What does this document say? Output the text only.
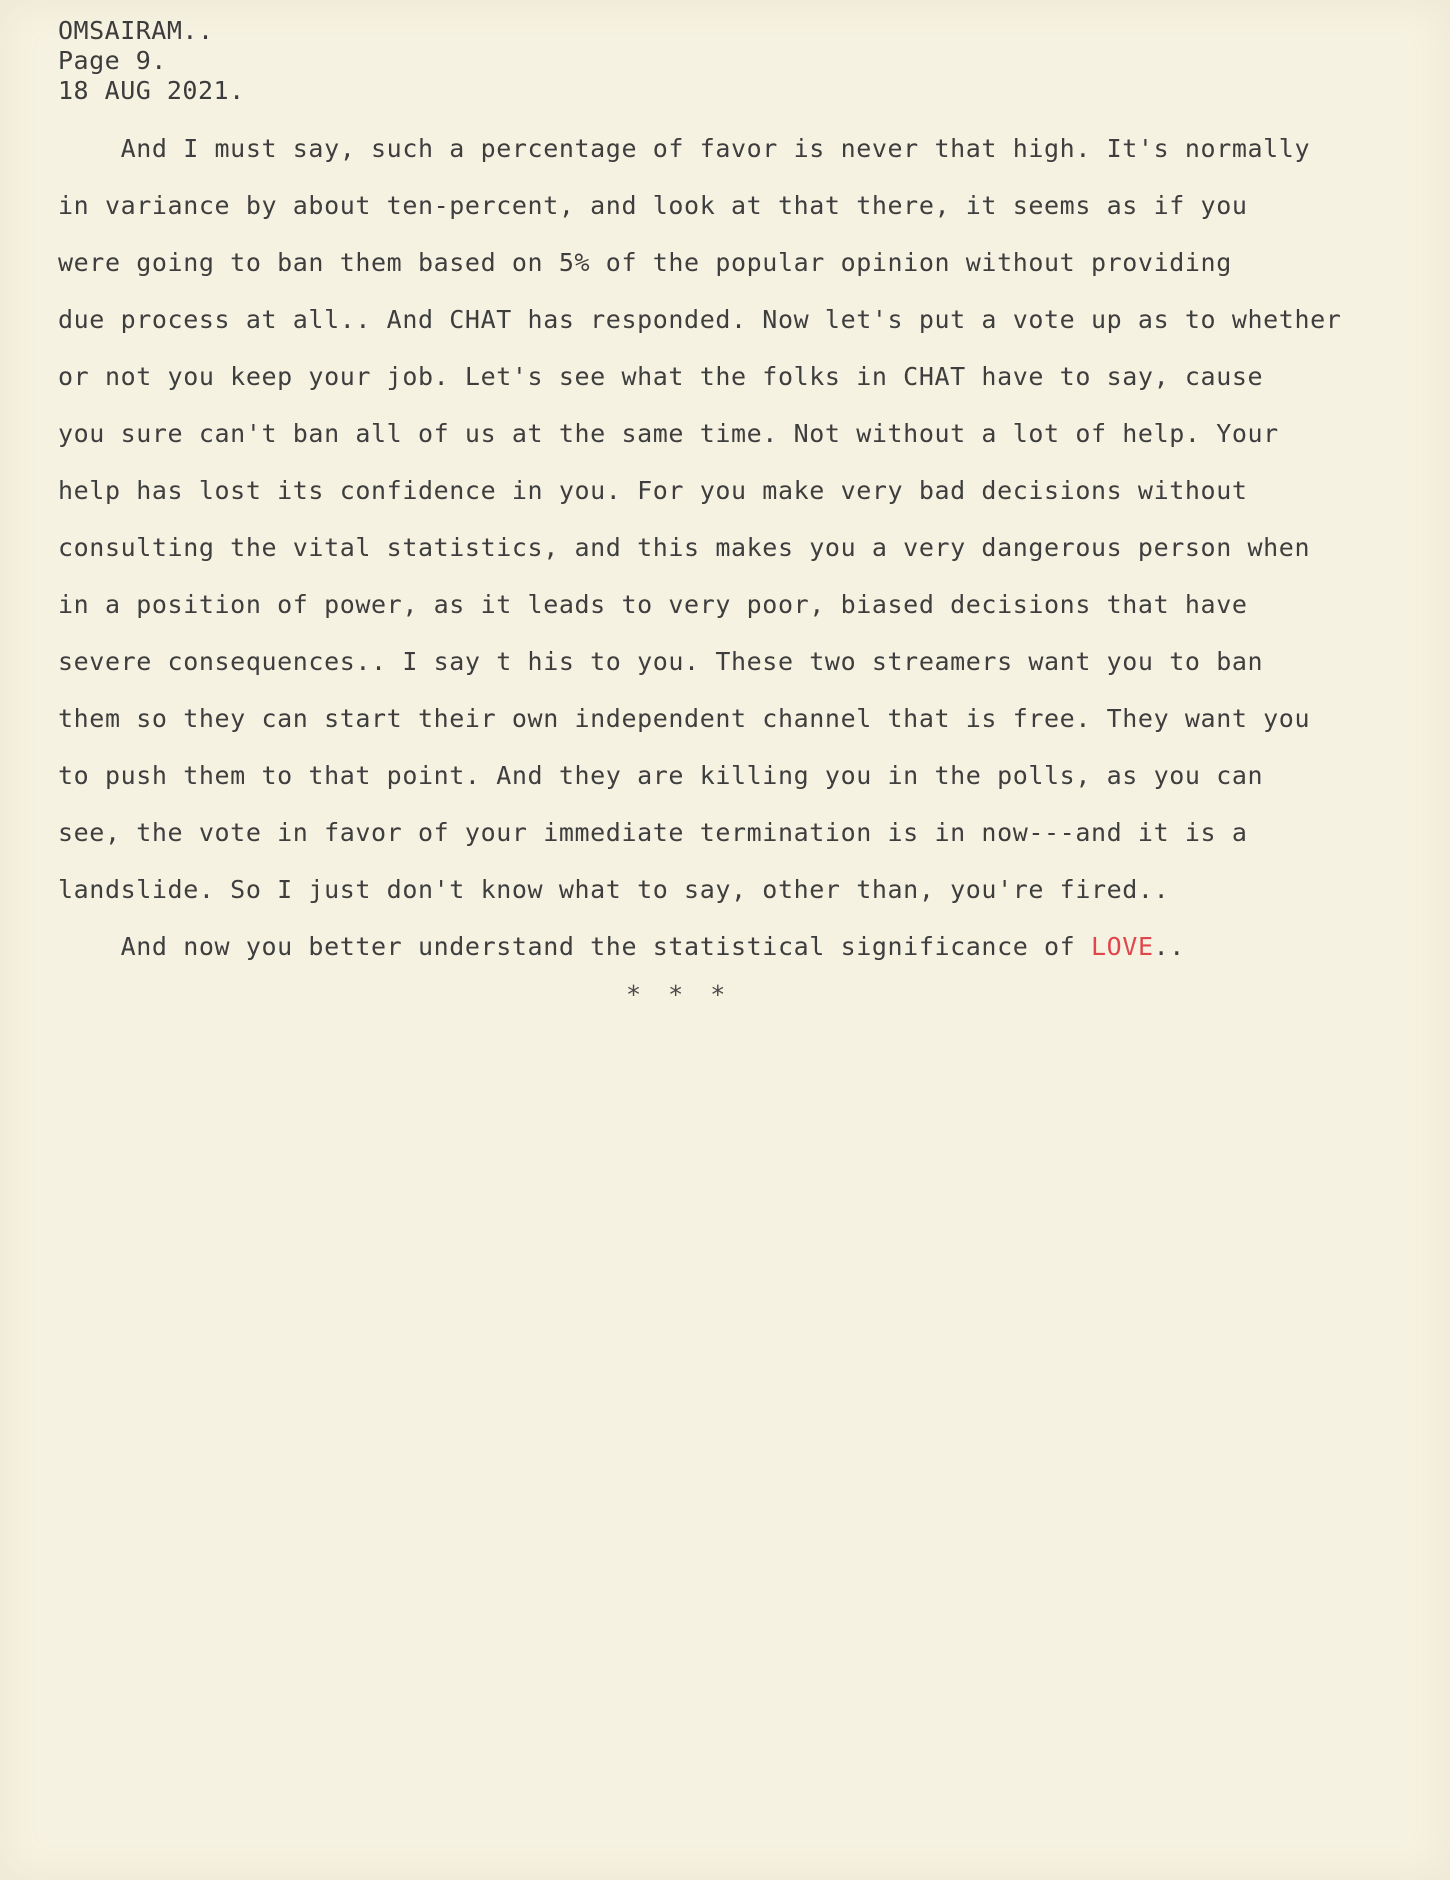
OMSAIRAM..
Page 9.
18 AUG 2021.
And I must say, such a percentage of favor is never that high. It's normally
in variance by about ten-percent, and look at that there, it seems as if you
were going to ban them based on 5% of the popular opinion without providing
due process at all.. And CHAT has responded. Now let's put a vote up as to whether
or not you keep your job. Let's see what the folks in CHAT have to say, cause
you sure can't ban all of us at the same time. Not without a lot of help. Your
help has lost its confidence in you. For you make very bad decisions without
consulting the vital statistics, and this makes you a very dangerous person when
in a position of power, as it leads to very poor, biased decisions that have
severe consequences.. I say t his to you. These two streamers want you to ban
them so they can start their own independent channel that is free. They want you
to push them to that point. And they are killing you in the polls, as you can
see, the vote in favor of your immediate termination is in now---and it is a
landslide. So I just don't know what to say, other than, you're fired..
And now you better understand the statistical significance of LOVE..
* * *
